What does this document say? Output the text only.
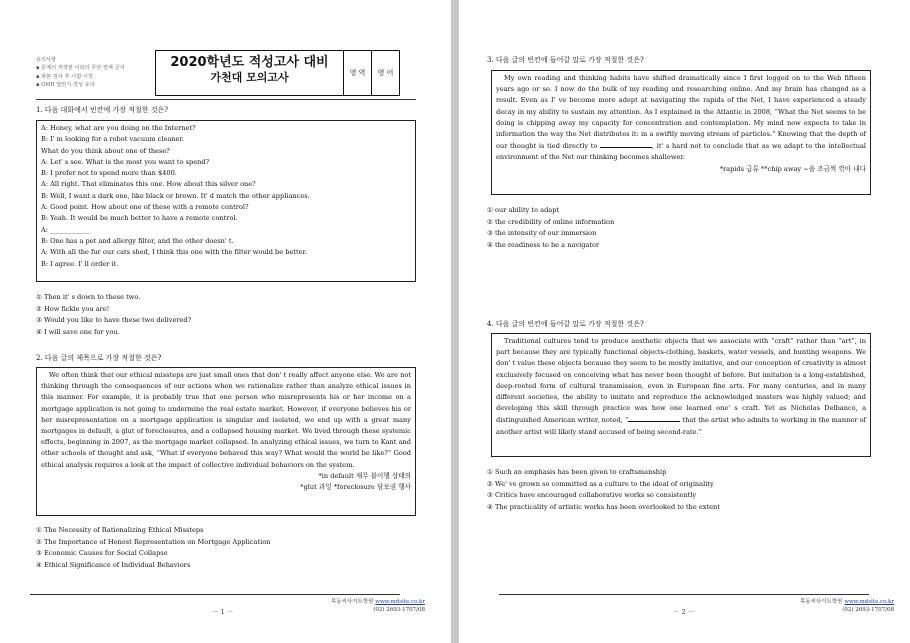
유의사항
▪ 문제의 저작권 이외의 무단 전재 금지
▪ 파본 검사 후 시험 시작
▪ OMR 답안지 작성 유의
2020학년도 적성고사 대비
가천대 모의고사	영 역	영 어
1. 다음 대화에서 빈칸에 가장 적절한 것은?
A: Honey, what are you doing on the Internet?
B: I' m looking for a robot vacuum cleaner.
What do you think about one of these?
A: Let' s see. What is the most you want to spend?
B: I prefer not to spend more than $400.
A: All right. That eliminates this one. How about this silver one?
B: Well, I want a dark one, like black or brown. It' d match the other appliances.
A: Good point. How about one of these with a remote control?
B: Yeah. It would be much better to have a remote control.
A: ____________
B: One has a pet and allergy filter, and the other doesn' t.
A: With all the fur our cats shed, I think this one with the filter would be better.
B: I agree. I' ll order it.
① Then it' s down to these two.
② How fickle you are!
③ Would you like to have these two delivered?
④ I will save one for you.
2. 다음 글의 제목으로 가장 적절한 것은?

We often think that our ethical missteps are just small ones that don' t really affect anyone else. We are not thinking through the consequences of our actions when we rationalize rather than analyze ethical issues in this manner. For example, it is probably true that one person who misrepresents his or her income on a mortgage application is not going to undermine the real estate market. However, if everyone believes his or her misrepresentation on a mortgage application is singular and isolated, we end up with a great many mortgages in default, a glut of foreclosures, and a collapsed housing market. We lived through these systemic effects, beginning in 2007, as the mortgage market collapsed. In analyzing ethical issues, we turn to Kant and other schools of thought and ask, “What if everyone behaved this way? What would the world be like?” Good ethical analysis requires a look at the impact of collective individual behaviors on the system.

*in default 채무 불이행 상태의
*glut 과잉 *foreclosure 담보권 행사
① The Necessity of Rationalizing Ethical Missteps
② The Importance of Honest Representation on Mortgage Application
③ Economic Causes for Social Collapse
④ Ethical Significance of Individual Behaviors
목동씨사이트학원 www.mdsite.co.kr
(02) 2693-1707/08
－ 1 －
3. 다음 글의 빈칸에 들어갈 말로 가장 적절한 것은?

My own reading and thinking habits have shifted dramatically since I first logged on to the Web fifteen years ago or so. I now do the bulk of my reading and researching online. And my brain has changed as a result. Even as I' ve become more adept at navigating the rapids of the Net, I have experienced a steady decay in my ability to sustain my attention. As I explained in the Atlantic in 2008, “What the Net seems to be doing is chipping away my capacity for concentration and contemplation. My mind now expects to take in information the way the Net distributes it: in a swiftly moving stream of particles.” Knowing that the depth of our thought is tied directly to	, it' s hard not to conclude that as we adapt to the intellectual environment of the Net our thinking becomes shallower.

*rapids 급류 **chip away ~을 조금씩 깎아 내다
① our ability to adapt
② the credibility of online information
③ the intensity of our immersion
④ the readiness to be a navigator
4. 다음 글의 빈칸에 들어갈 말로 가장 적절한 것은?

Traditional cultures tend to produce aesthetic objects that we associate with “craft” rather than “art”, in part because they are typically functional objects-clothing, baskets, water vessels, and hunting weapons. We don' t value these objects because they seem to be mostly imitative, and our conception of creativity is almost exclusively focused on conceiving what has never been thought of before. But imitation is a long-established, deep-rooted form of cultural transmission, even in European fine arts. For many centuries, and in many different societies, the ability to imitate and reproduce the acknowledged masters was highly valued; and developing this skill through practice was how one learned one' s craft. Yet as Nicholas Delbanco, a distinguished American writer, noted, “	that the artist who admits to working in the manner of another artist will likely stand accused of being second-rate.”

① Such an emphasis has been given to craftsmanship
② We' ve grown so committed as a culture to the ideal of originality
③ Critics have encouraged collaborative works so consistently
④ The practicality of artistic works has been overlooked to the extent
목동씨사이트학원 www.mdsite.co.kr
(02) 2693-1707/08
－ 2 －
